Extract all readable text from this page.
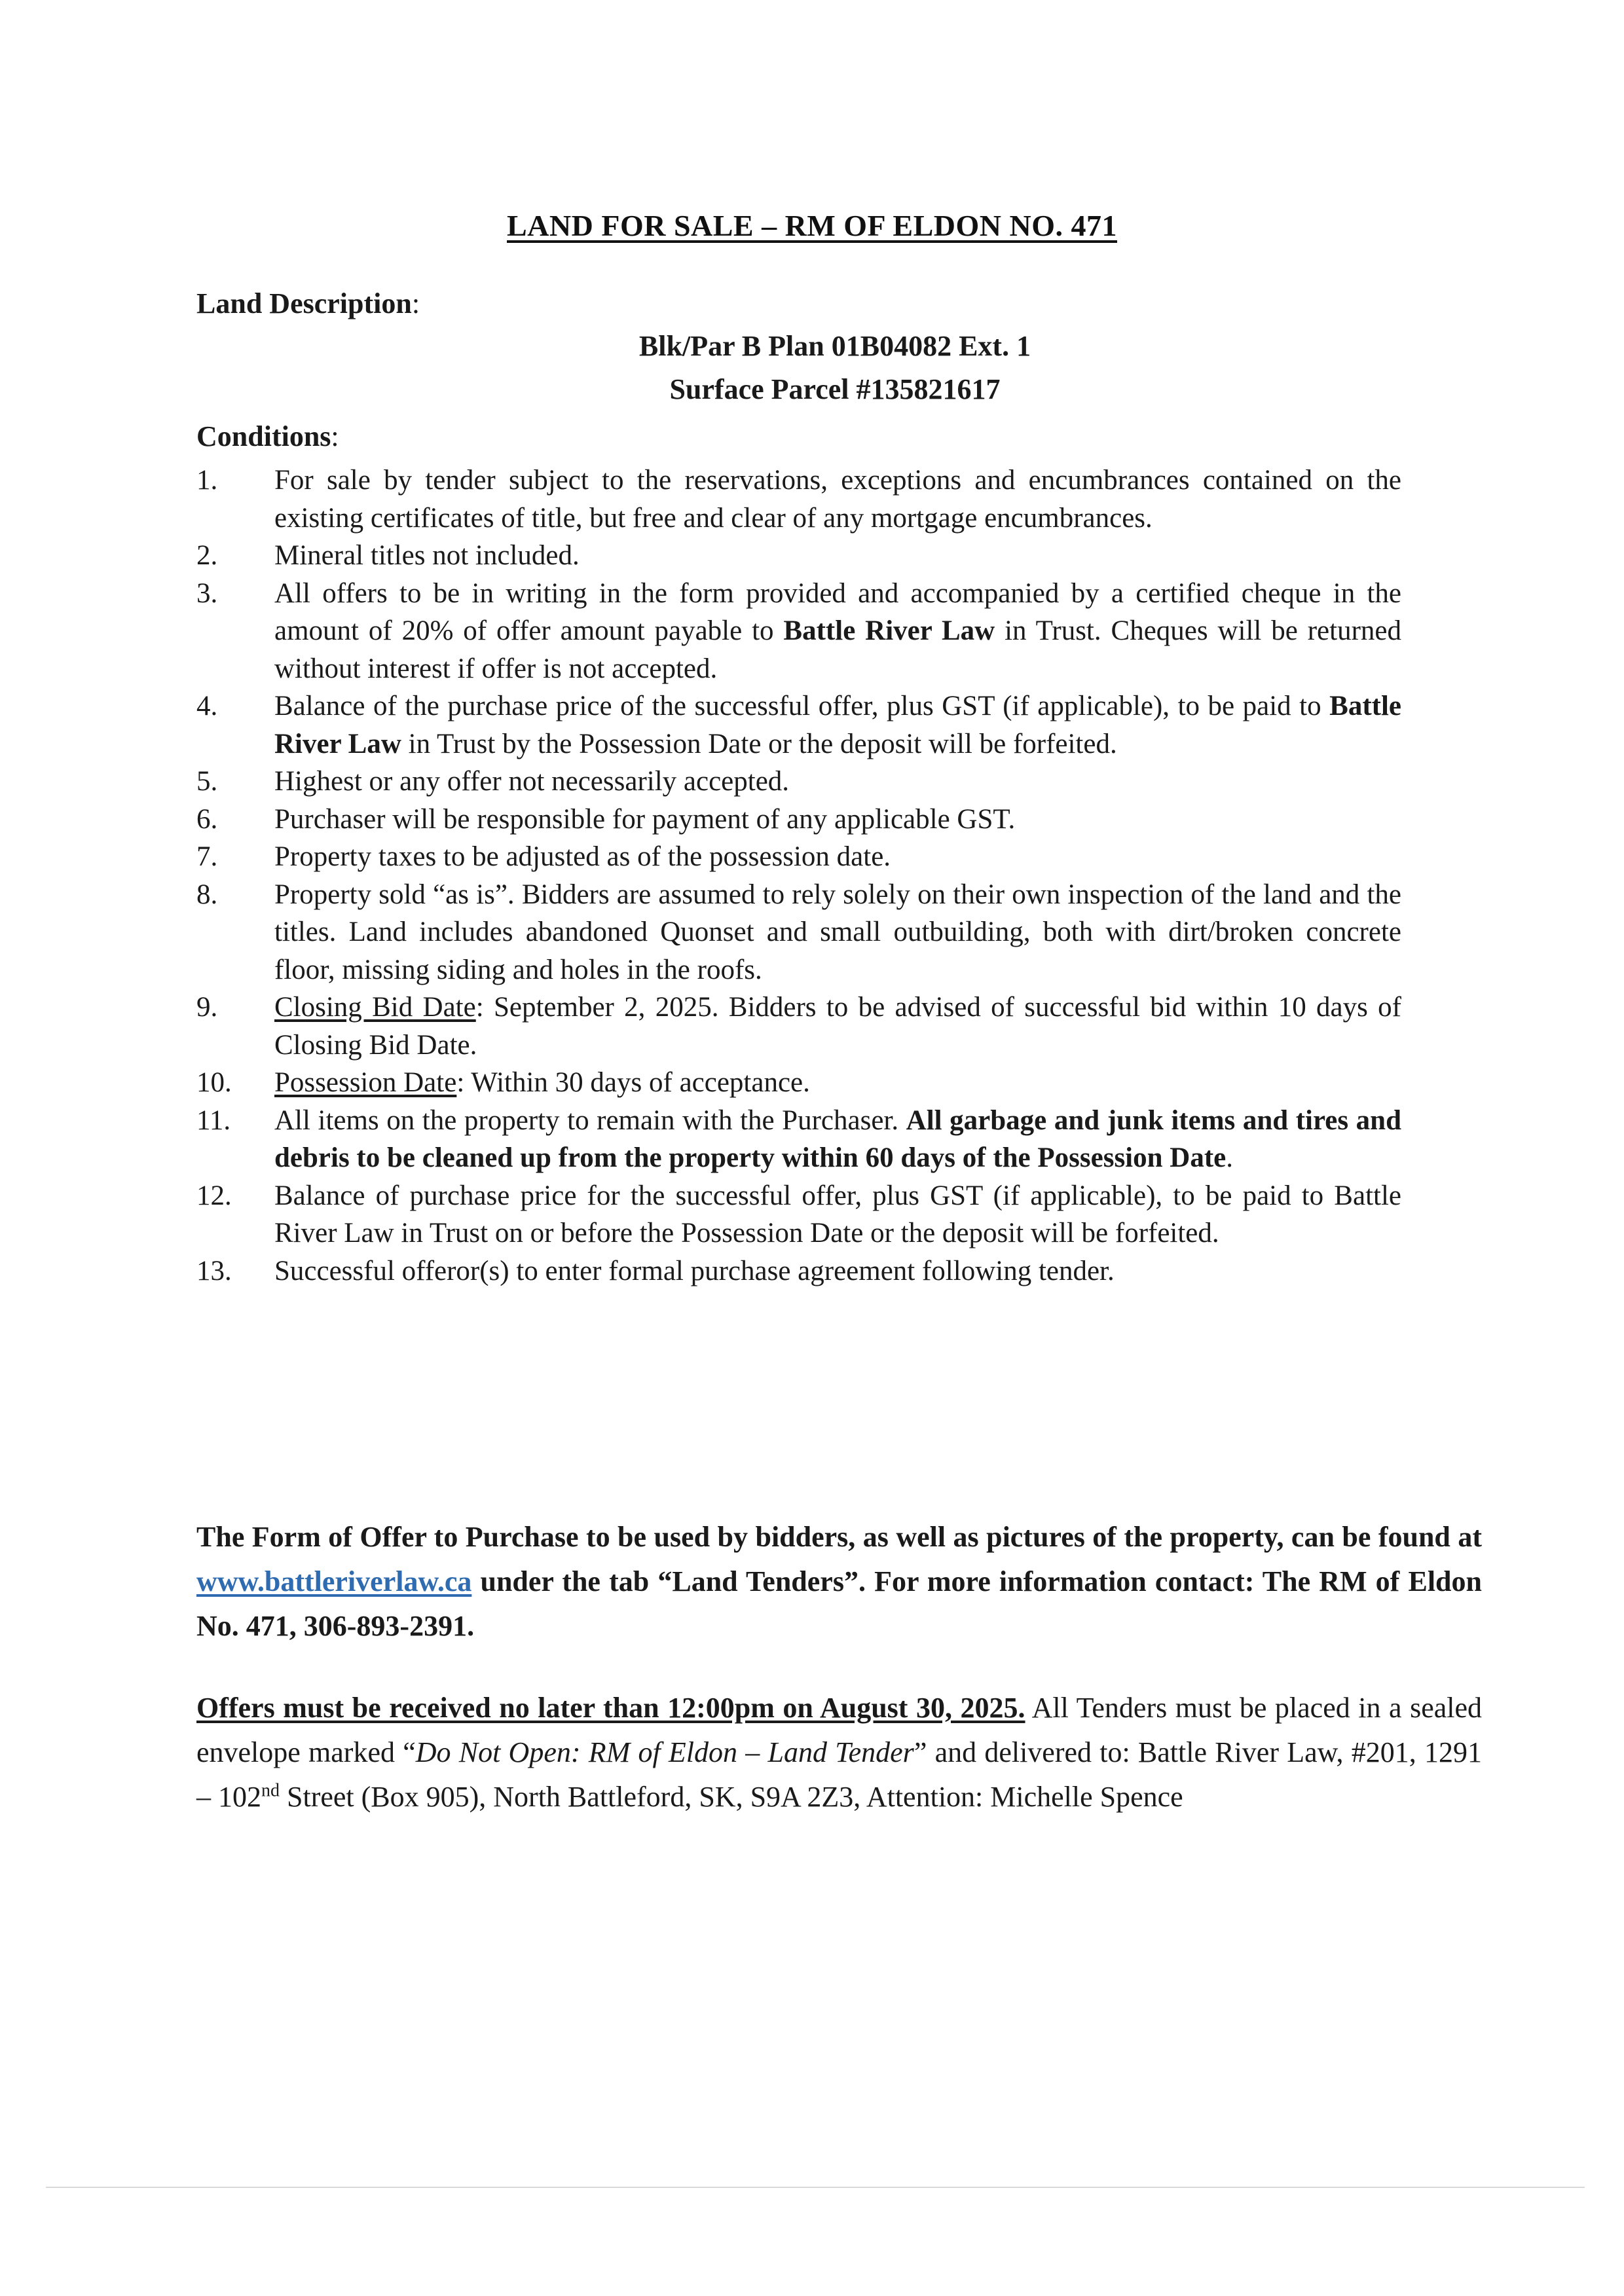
LAND FOR SALE – RM OF ELDON NO. 471
Land Description:
Blk/Par B Plan 01B04082 Ext. 1
Surface Parcel #135821617
Conditions:
1. For sale by tender subject to the reservations, exceptions and encumbrances contained on the existing certificates of title, but free and clear of any mortgage encumbrances.
2. Mineral titles not included.
3. All offers to be in writing in the form provided and accompanied by a certified cheque in the amount of 20% of offer amount payable to Battle River Law in Trust. Cheques will be returned without interest if offer is not accepted.
4. Balance of the purchase price of the successful offer, plus GST (if applicable), to be paid to Battle River Law in Trust by the Possession Date or the deposit will be forfeited.
5. Highest or any offer not necessarily accepted.
6. Purchaser will be responsible for payment of any applicable GST.
7. Property taxes to be adjusted as of the possession date.
8. Property sold “as is”. Bidders are assumed to rely solely on their own inspection of the land and the titles. Land includes abandoned Quonset and small outbuilding, both with dirt/broken concrete floor, missing siding and holes in the roofs.
9. Closing Bid Date: September 2, 2025. Bidders to be advised of successful bid within 10 days of Closing Bid Date.
10. Possession Date: Within 30 days of acceptance.
11. All items on the property to remain with the Purchaser. All garbage and junk items and tires and debris to be cleaned up from the property within 60 days of the Possession Date.
12. Balance of purchase price for the successful offer, plus GST (if applicable), to be paid to Battle River Law in Trust on or before the Possession Date or the deposit will be forfeited.
13. Successful offeror(s) to enter formal purchase agreement following tender.

The Form of Offer to Purchase to be used by bidders, as well as pictures of the property, can be found at www.battleriverlaw.ca under the tab “Land Tenders”. For more information contact: The RM of Eldon No. 471, 306-893-2391.

Offers must be received no later than 12:00pm on August 30, 2025. All Tenders must be placed in a sealed envelope marked “Do Not Open: RM of Eldon – Land Tender” and delivered to: Battle River Law, #201, 1291 – 102nd Street (Box 905), North Battleford, SK, S9A 2Z3, Attention: Michelle Spence
